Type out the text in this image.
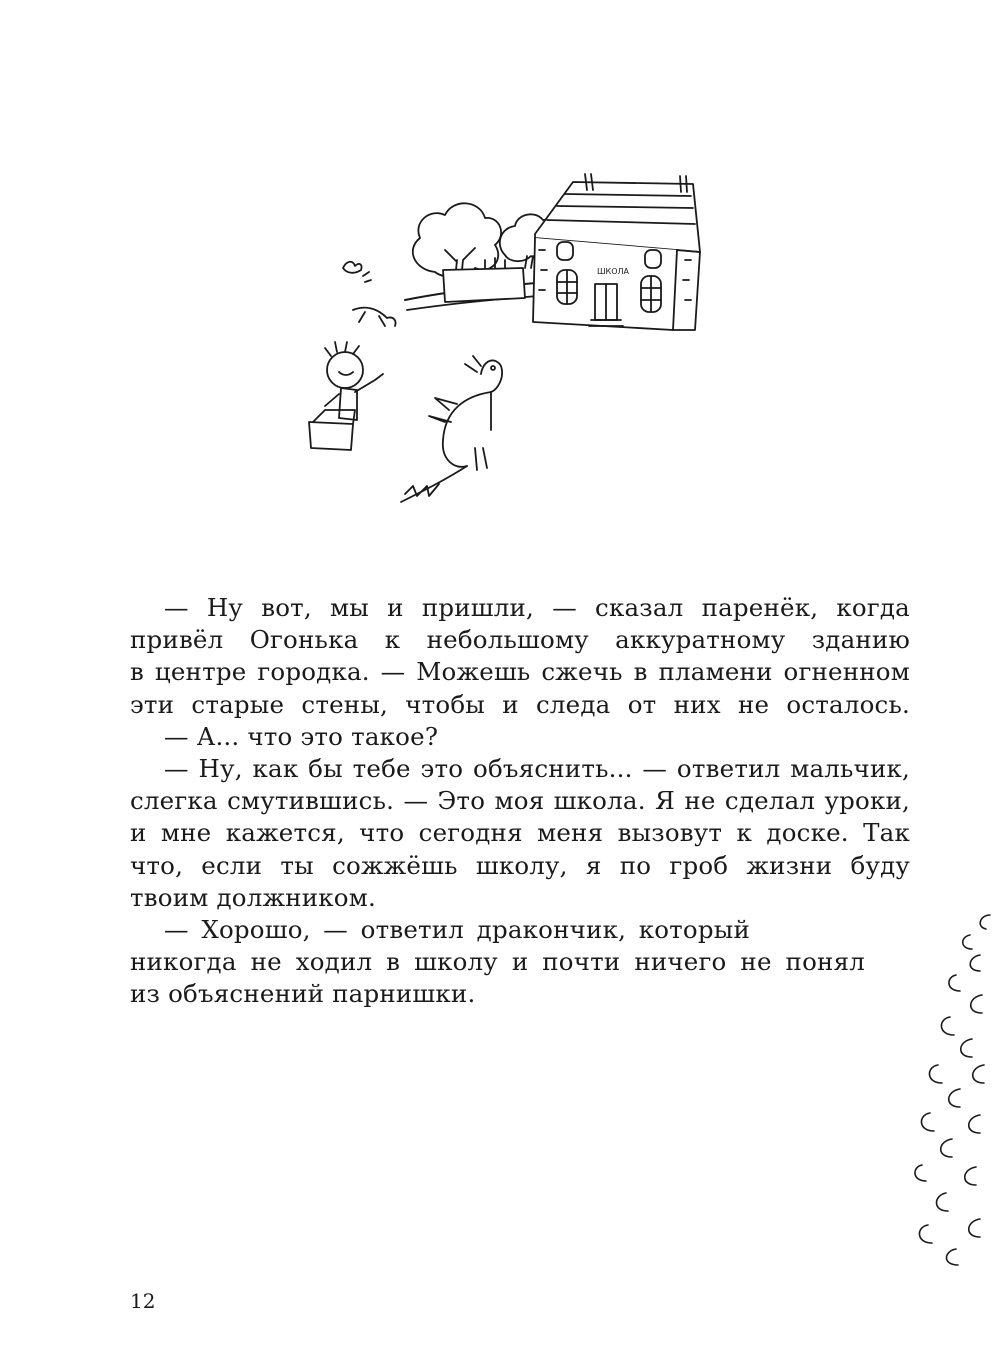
ШКОЛА

— Ну вот, мы и пришли, — сказал паренёк, когда
привёл Огонька к небольшому аккуратному зданию
в центре городка. — Можешь сжечь в пламени огненном
эти старые стены, чтобы и следа от них не осталось.

— А... что это такое?

— Ну, как бы тебе это объяснить... — ответил мальчик,
слегка смутившись. — Это моя школа. Я не сделал уроки,
и мне кажется, что сегодня меня вызовут к доске. Так
что, если ты сожжёшь школу, я по гроб жизни буду
твоим должником.

— Хорошо, — ответил дракончик, который
никогда не ходил в школу и почти ничего не понял
из объяснений парнишки.

12
